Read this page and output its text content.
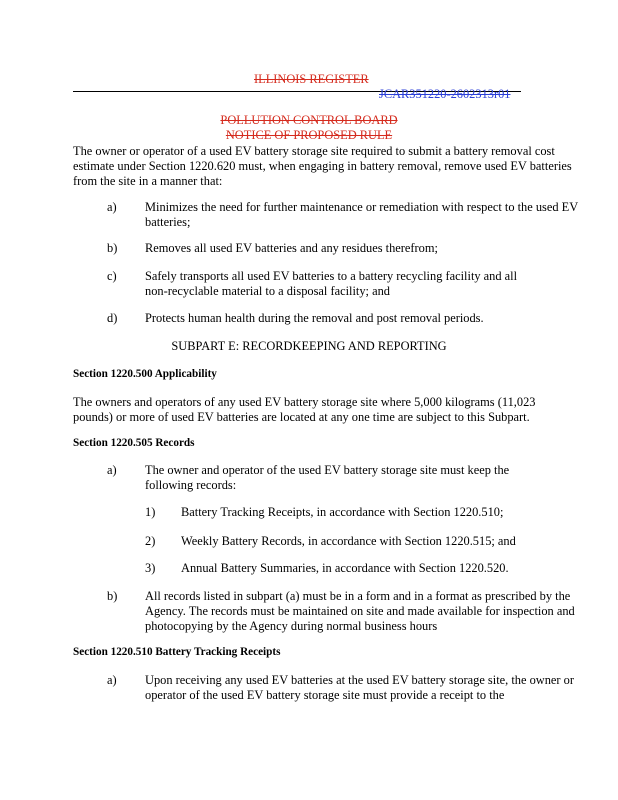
ILLINOIS REGISTER
JCAR351220-2602313r01
POLLUTION CONTROL BOARD
NOTICE OF PROPOSED RULE
The owner or operator of a used EV battery storage site required to submit a battery removal cost estimate under Section 1220.620 must, when engaging in battery removal, remove used EV batteries from the site in a manner that:
a) Minimizes the need for further maintenance or remediation with respect to the used EV batteries;
b) Removes all used EV batteries and any residues therefrom;
c) Safely transports all used EV batteries to a battery recycling facility and all non-recyclable material to a disposal facility; and
d) Protects human health during the removal and post removal periods.
SUBPART E: RECORDKEEPING AND REPORTING
Section 1220.500 Applicability
The owners and operators of any used EV battery storage site where 5,000 kilograms (11,023 pounds) or more of used EV batteries are located at any one time are subject to this Subpart.
Section 1220.505 Records
a) The owner and operator of the used EV battery storage site must keep the following records:
1) Battery Tracking Receipts, in accordance with Section 1220.510;
2) Weekly Battery Records, in accordance with Section 1220.515; and
3) Annual Battery Summaries, in accordance with Section 1220.520.
b) All records listed in subpart (a) must be in a form and in a format as prescribed by the Agency. The records must be maintained on site and made available for inspection and photocopying by the Agency during normal business hours
Section 1220.510 Battery Tracking Receipts
a) Upon receiving any used EV batteries at the used EV battery storage site, the owner or operator of the used EV battery storage site must provide a receipt to the
